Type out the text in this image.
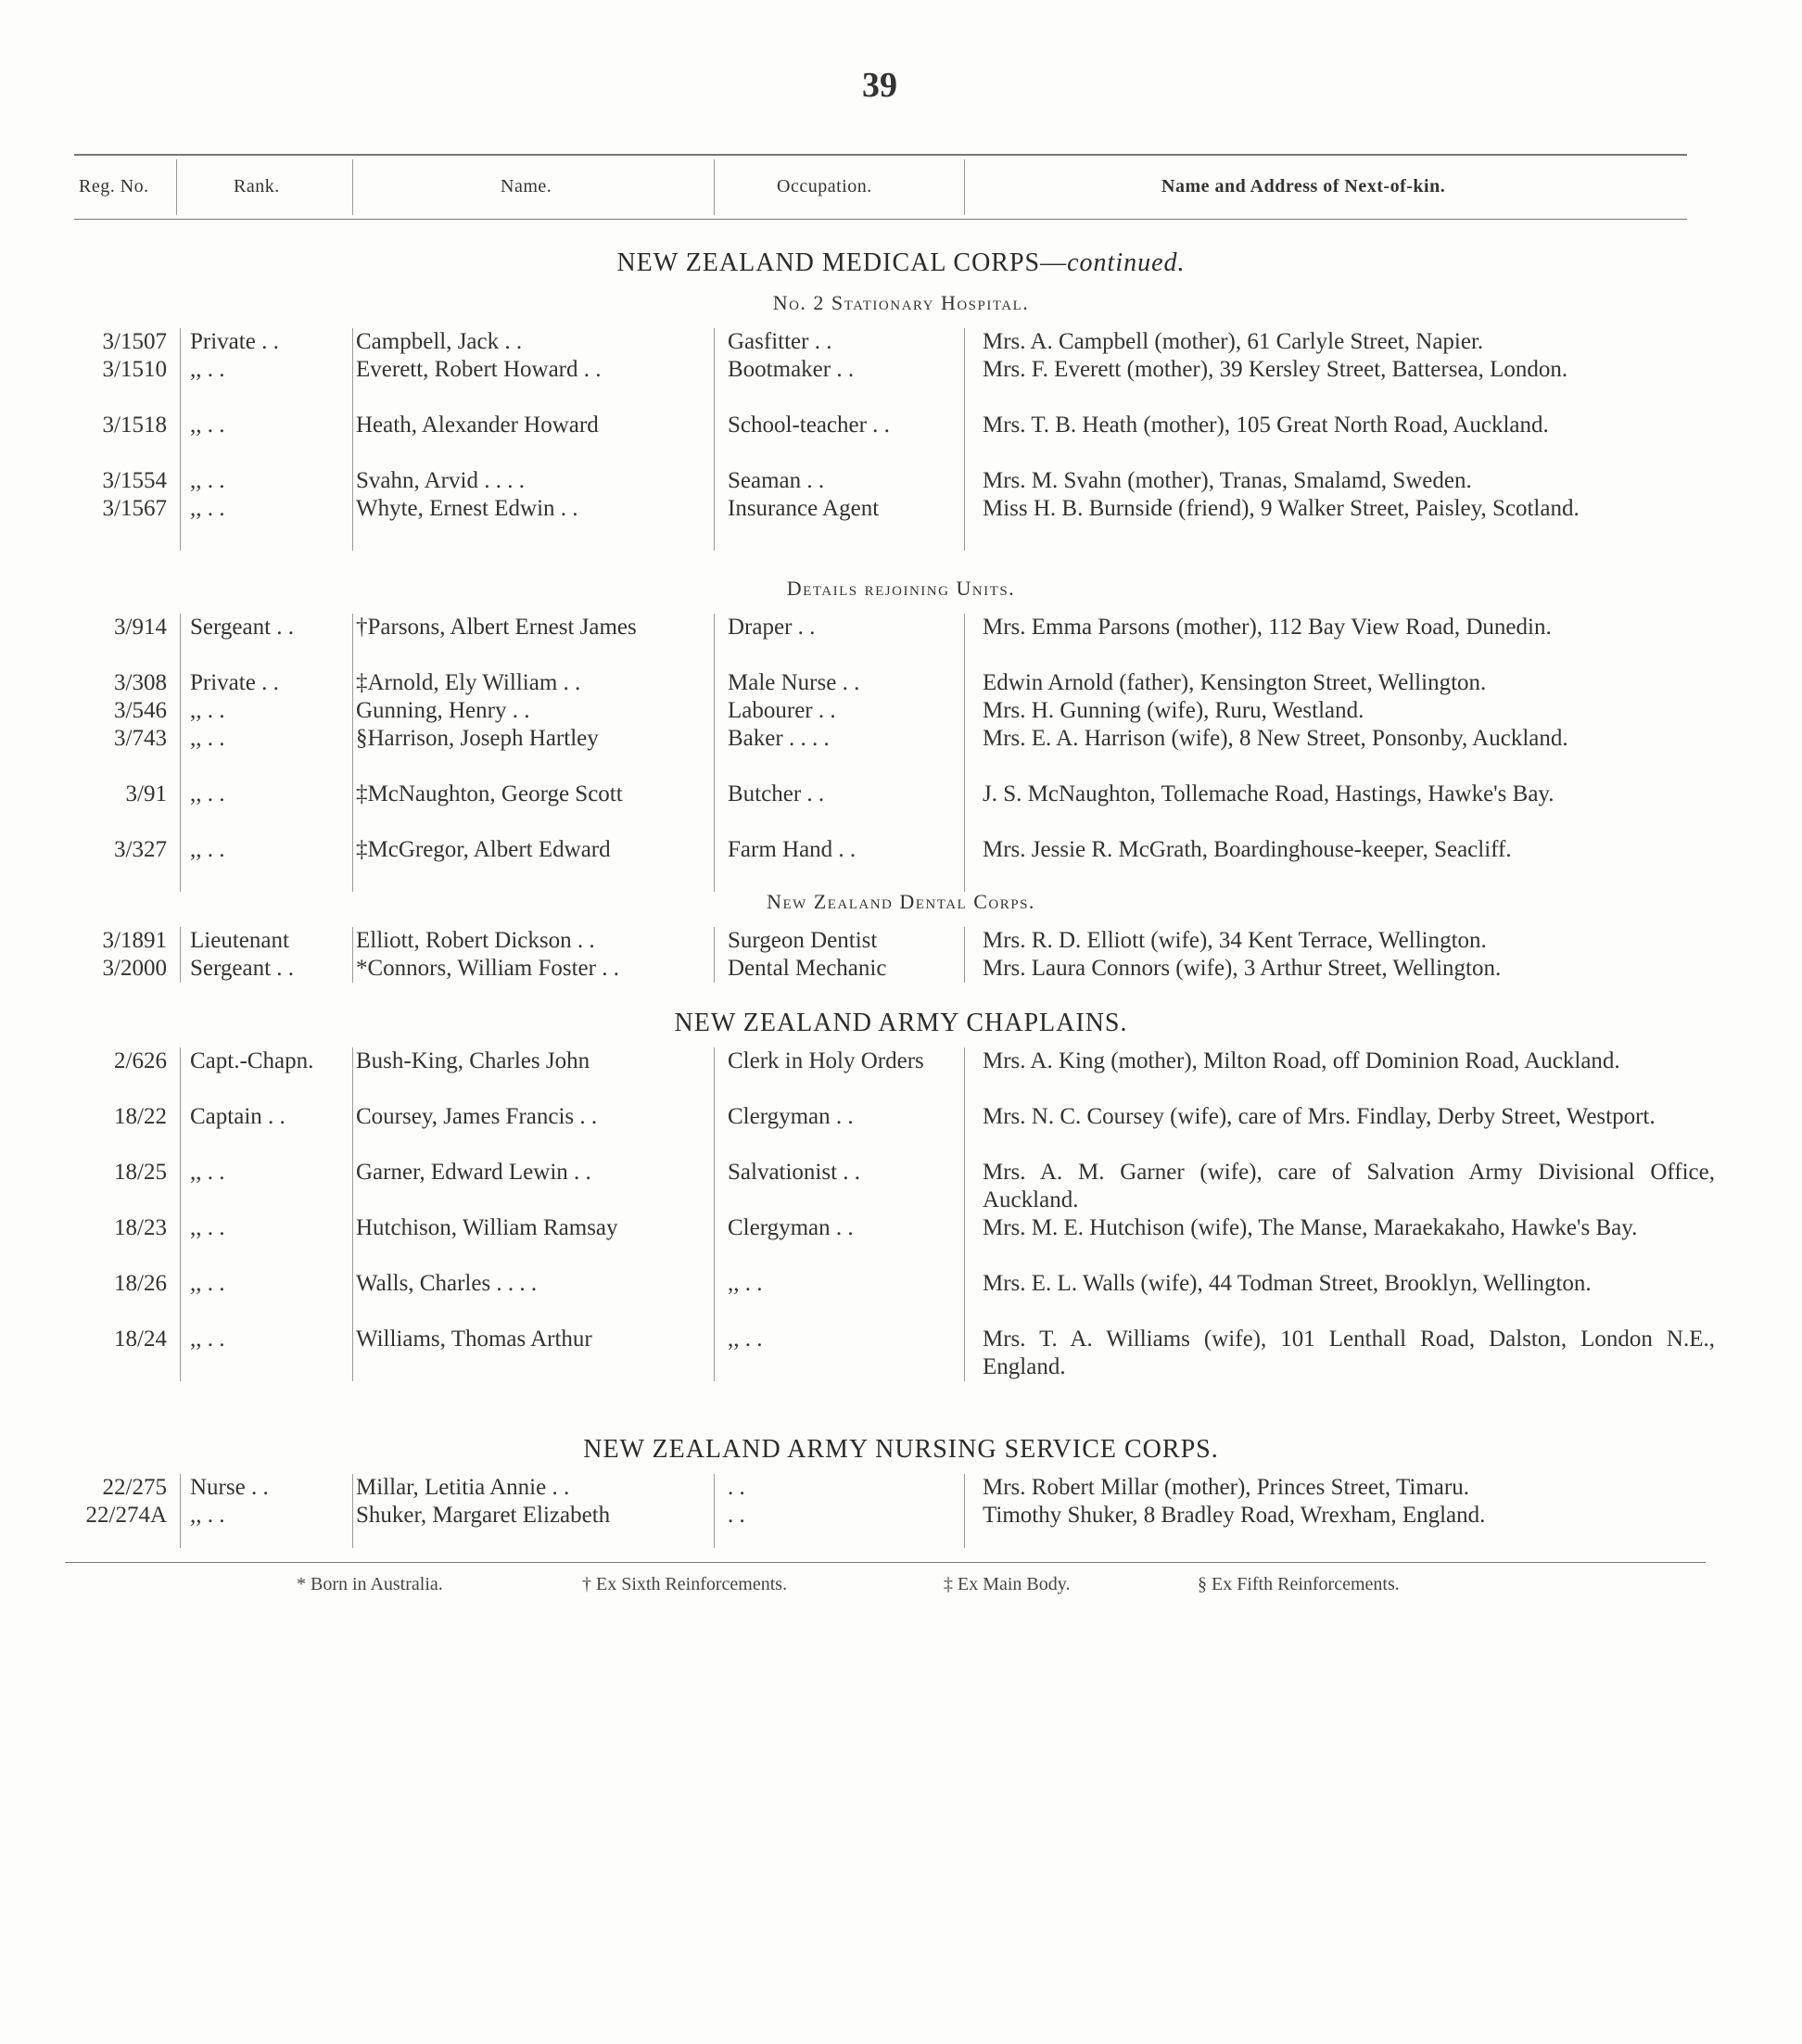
39
Reg. No.	Rank.	Name.	Occupation.	Name and Address of Next-of-kin.
NEW ZEALAND MEDICAL CORPS—continued.
No. 2 Stationary Hospital.
3/1507 Private . .	Campbell, Jack . .	Gasfitter . .	Mrs. A. Campbell (mother), 61 Carlyle Street, Napier.
3/1510 ,, . .	Everett, Robert Howard . .	Bootmaker . .	Mrs. F. Everett (mother), 39 Kersley Street, Battersea, London.
3/1518 ,, . .	Heath, Alexander Howard	School-teacher . .	Mrs. T. B. Heath (mother), 105 Great North Road, Auckland.
3/1554 ,, . .	Svahn, Arvid . . . .	Seaman . .	Mrs. M. Svahn (mother), Tranas, Smalamd, Sweden.
3/1567 ,, . .	Whyte, Ernest Edwin . .	Insurance Agent	Miss H. B. Burnside (friend), 9 Walker Street, Paisley, Scotland.
Details rejoining Units.
3/914 Sergeant . .	†Parsons, Albert Ernest James	Draper . .	Mrs. Emma Parsons (mother), 112 Bay View Road, Dunedin.
3/308 Private . .	‡Arnold, Ely William . .	Male Nurse . .	Edwin Arnold (father), Kensington Street, Wellington.
3/546 ,, . .	Gunning, Henry . .	Labourer . .	Mrs. H. Gunning (wife), Ruru, Westland.
3/743 ,, . .	§Harrison, Joseph Hartley	Baker . . . .	Mrs. E. A. Harrison (wife), 8 New Street, Ponsonby, Auckland.
3/91 ,, . .	‡McNaughton, George Scott	Butcher . .	J. S. McNaughton, Tollemache Road, Hastings, Hawke's Bay.
3/327 ,, . .	‡McGregor, Albert Edward	Farm Hand . .	Mrs. Jessie R. McGrath, Boardinghouse-keeper, Seacliff.
New Zealand Dental Corps.
3/1891 Lieutenant	Elliott, Robert Dickson . .	Surgeon Dentist	Mrs. R. D. Elliott (wife), 34 Kent Terrace, Wellington.
3/2000 Sergeant . .	*Connors, William Foster . .	Dental Mechanic	Mrs. Laura Connors (wife), 3 Arthur Street, Wellington.
NEW ZEALAND ARMY CHAPLAINS.
2/626 Capt.-Chapn.	Bush-King, Charles John	Clerk in Holy Orders	Mrs. A. King (mother), Milton Road, off Dominion Road, Auckland.
18/22 Captain . .	Coursey, James Francis . .	Clergyman . .	Mrs. N. C. Coursey (wife), care of Mrs. Findlay, Derby Street, Westport.
18/25 ,, . .	Garner, Edward Lewin . .	Salvationist . .	Mrs. A. M. Garner (wife), care of Salvation Army Divisional Office, Auckland.
18/23 ,, . .	Hutchison, William Ramsay	Clergyman . .	Mrs. M. E. Hutchison (wife), The Manse, Maraekakaho, Hawke's Bay.
18/26 ,, . .	Walls, Charles . . . .	,, . .	Mrs. E. L. Walls (wife), 44 Todman Street, Brooklyn, Wellington.
18/24 ,, . .	Williams, Thomas Arthur	,, . .	Mrs. T. A. Williams (wife), 101 Lenthall Road, Dalston, London N.E., England.
NEW ZEALAND ARMY NURSING SERVICE CORPS.
22/275 Nurse . .	Millar, Letitia Annie . .	. .	Mrs. Robert Millar (mother), Princes Street, Timaru.
22/274A ,, . .	Shuker, Margaret Elizabeth	. .	Timothy Shuker, 8 Bradley Road, Wrexham, England.
* Born in Australia.	† Ex Sixth Reinforcements.	‡ Ex Main Body.	§ Ex Fifth Reinforcements.
